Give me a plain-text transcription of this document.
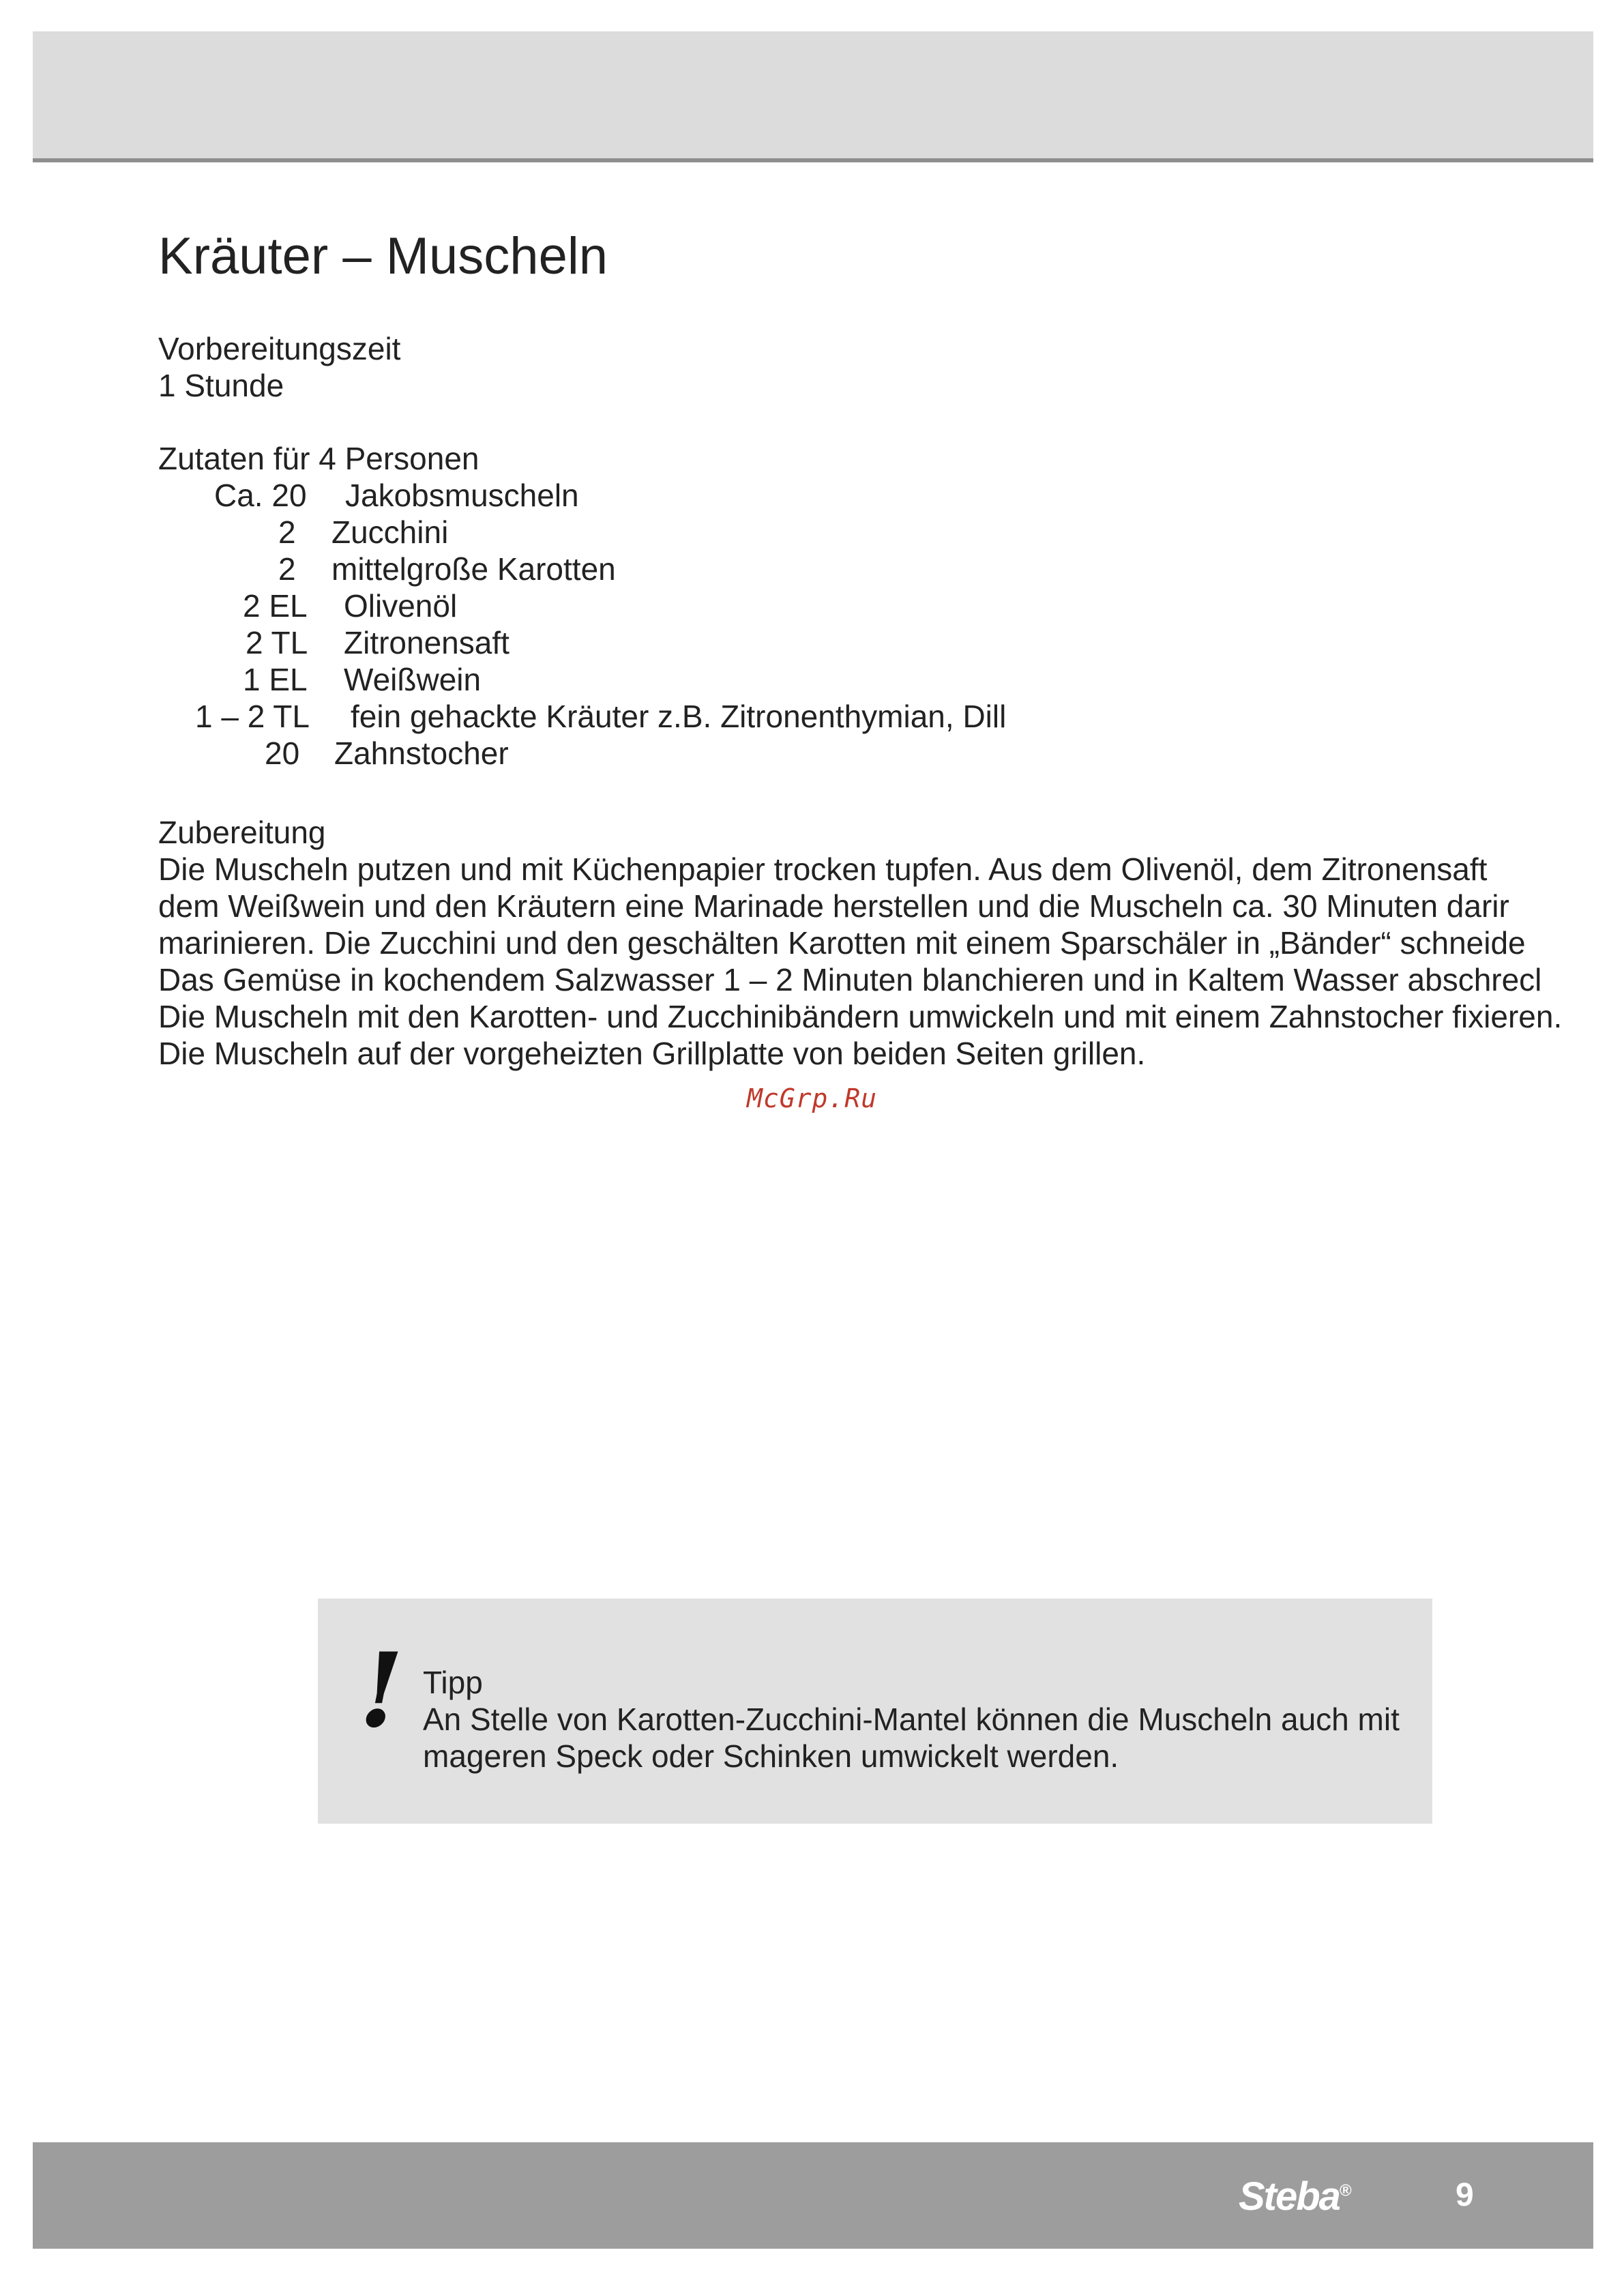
Kräuter – Muscheln
Vorbereitungszeit
1 Stunde
Zutaten für 4 Personen
Ca. 20 Jakobsmuscheln
2 Zucchini
2 mittelgroße Karotten
2 EL Olivenöl
2 TL Zitronensaft
1 EL Weißwein
1 – 2 TL fein gehackte Kräuter z.B. Zitronenthymian, Dill
20 Zahnstocher
Zubereitung
Die Muscheln putzen und mit Küchenpapier trocken tupfen. Aus dem Olivenöl, dem Zitronensaft
dem Weißwein und den Kräutern eine Marinade herstellen und die Muscheln ca. 30 Minuten darir
marinieren. Die Zucchini und den geschälten Karotten mit einem Sparschäler in „Bänder“ schneide
Das Gemüse in kochendem Salzwasser 1 – 2 Minuten blanchieren und in Kaltem Wasser abschrecl
Die Muscheln mit den Karotten- und Zucchinibändern umwickeln und mit einem Zahnstocher fixieren.
Die Muscheln auf der vorgeheizten Grillplatte von beiden Seiten grillen.
McGrp.Ru
! Tipp
An Stelle von Karotten-Zucchini-Mantel können die Muscheln auch mit
mageren Speck oder Schinken umwickelt werden.
Steba®	9
